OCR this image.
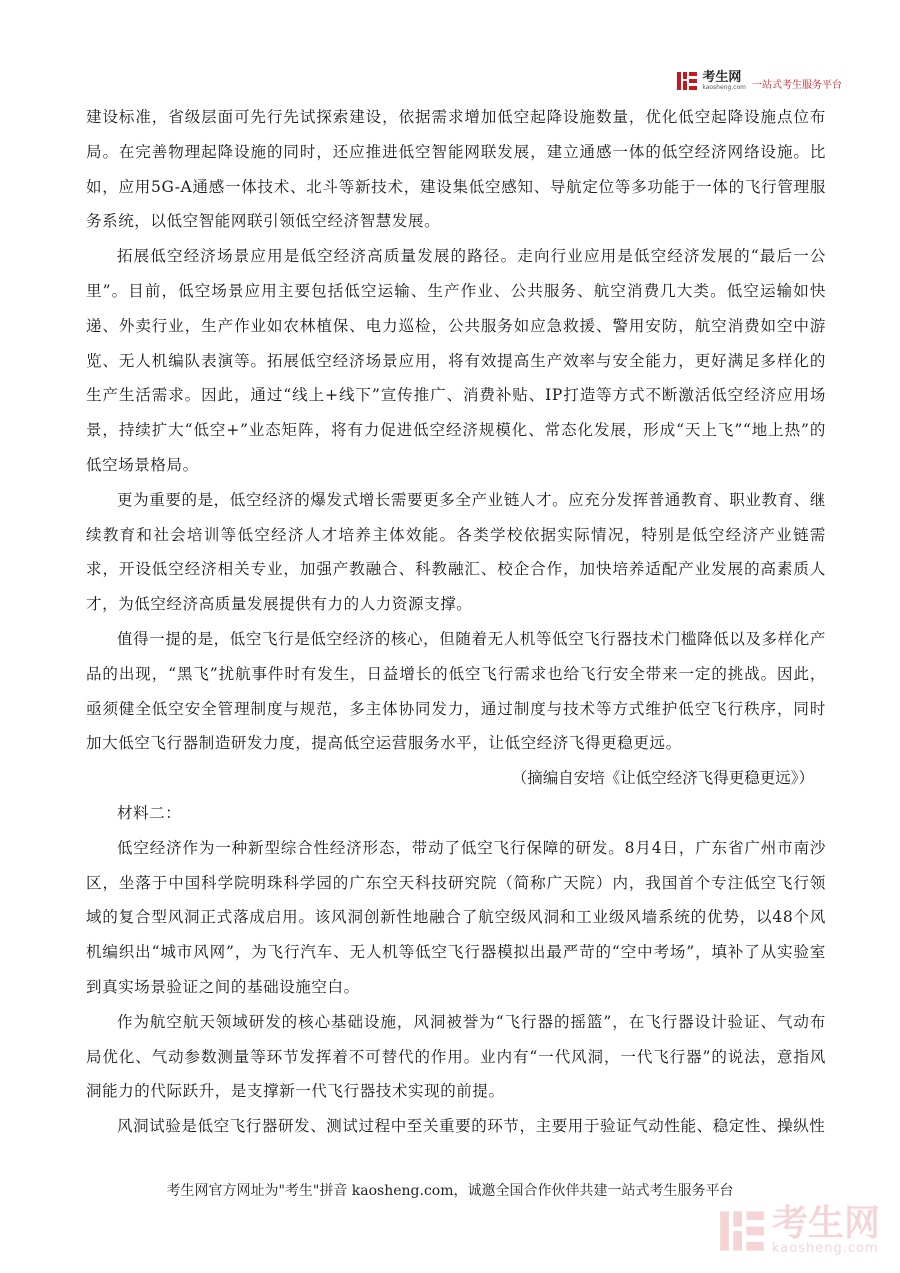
考生网
kaosheng.com 一站式考生服务平台

建设标准，省级层面可先行先试探索建设，依据需求增加低空起降设施数量，优化低空起降设施点位布局。在完善物理起降设施的同时，还应推进低空智能网联发展，建立通感一体的低空经济网络设施。比如，应用5G-A通感一体技术、北斗等新技术，建设集低空感知、导航定位等多功能于一体的飞行管理服务系统，以低空智能网联引领低空经济智慧发展。

拓展低空经济场景应用是低空经济高质量发展的路径。走向行业应用是低空经济发展的“最后一公里”。目前，低空场景应用主要包括低空运输、生产作业、公共服务、航空消费几大类。低空运输如快递、外卖行业，生产作业如农林植保、电力巡检，公共服务如应急救援、警用安防，航空消费如空中游览、无人机编队表演等。拓展低空经济场景应用，将有效提高生产效率与安全能力，更好满足多样化的生产生活需求。因此，通过“线上+线下”宣传推广、消费补贴、IP打造等方式不断激活低空经济应用场景，持续扩大“低空+”业态矩阵，将有力促进低空经济规模化、常态化发展，形成“天上飞”“地上热”的低空场景格局。

更为重要的是，低空经济的爆发式增长需要更多全产业链人才。应充分发挥普通教育、职业教育、继续教育和社会培训等低空经济人才培养主体效能。各类学校依据实际情况，特别是低空经济产业链需求，开设低空经济相关专业，加强产教融合、科教融汇、校企合作，加快培养适配产业发展的高素质人才，为低空经济高质量发展提供有力的人力资源支撑。

值得一提的是，低空飞行是低空经济的核心，但随着无人机等低空飞行器技术门槛降低以及多样化产品的出现，“黑飞”扰航事件时有发生，日益增长的低空飞行需求也给飞行安全带来一定的挑战。因此，亟须健全低空安全管理制度与规范，多主体协同发力，通过制度与技术等方式维护低空飞行秩序，同时加大低空飞行器制造研发力度，提高低空运营服务水平，让低空经济飞得更稳更远。

（摘编自安培《让低空经济飞得更稳更远》）

材料二：

低空经济作为一种新型综合性经济形态，带动了低空飞行保障的研发。8月4日，广东省广州市南沙区，坐落于中国科学院明珠科学园的广东空天科技研究院（简称广天院）内，我国首个专注低空飞行领域的复合型风洞正式落成启用。该风洞创新性地融合了航空级风洞和工业级风墙系统的优势，以48个风机编织出“城市风网”，为飞行汽车、无人机等低空飞行器模拟出最严苛的“空中考场”，填补了从实验室到真实场景验证之间的基础设施空白。

作为航空航天领域研发的核心基础设施，风洞被誉为“飞行器的摇篮”，在飞行器设计验证、气动布局优化、气动参数测量等环节发挥着不可替代的作用。业内有“一代风洞，一代飞行器”的说法，意指风洞能力的代际跃升，是支撑新一代飞行器技术实现的前提。

风洞试验是低空飞行器研发、测试过程中至关重要的环节，主要用于验证气动性能、稳定性、操纵性

考生网官方网址为"考生"拼音 kaosheng.com，诚邀全国合作伙伴共建一站式考生服务平台
考生网
kaosheng.com
